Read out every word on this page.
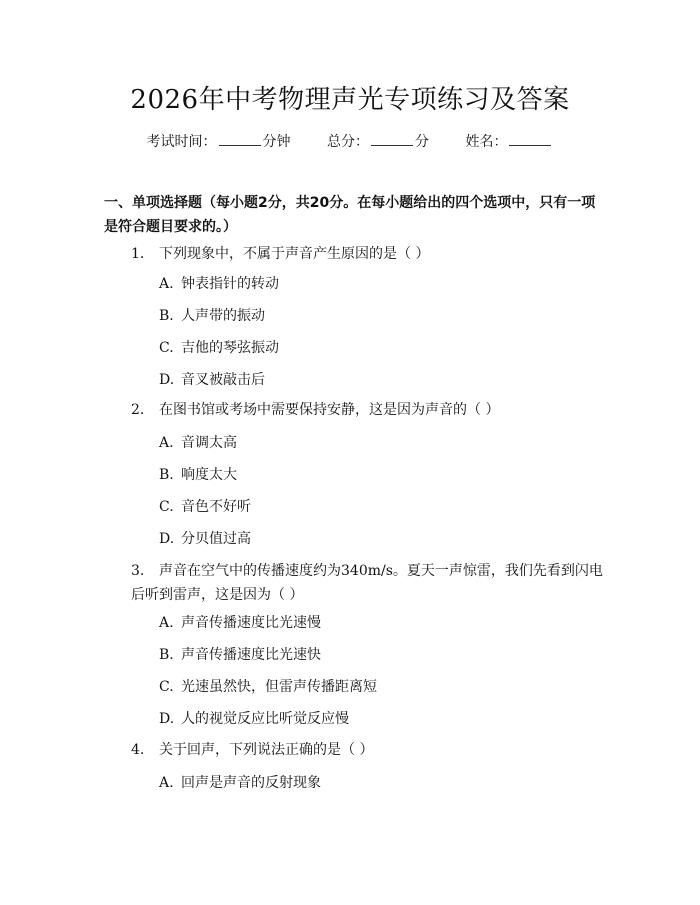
2026年中考物理声光专项练习及答案
考试时间：	分钟	总分：	分	姓名：
一、单项选择题（每小题2分，共20分。在每小题给出的四个选项中，只有一项是符合题目要求的。）
1. 下列现象中，不属于声音产生原因的是（ ）
A. 钟表指针的转动
B. 人声带的振动
C. 吉他的琴弦振动
D. 音叉被敲击后
2. 在图书馆或考场中需要保持安静，这是因为声音的（ ）
A. 音调太高
B. 响度太大
C. 音色不好听
D. 分贝值过高
3. 声音在空气中的传播速度约为340m/s。夏天一声惊雷，我们先看到闪电后听到雷声，这是因为（ ）
A. 声音传播速度比光速慢
B. 声音传播速度比光速快
C. 光速虽然快，但雷声传播距离短
D. 人的视觉反应比听觉反应慢
4. 关于回声，下列说法正确的是（ ）
A. 回声是声音的反射现象
